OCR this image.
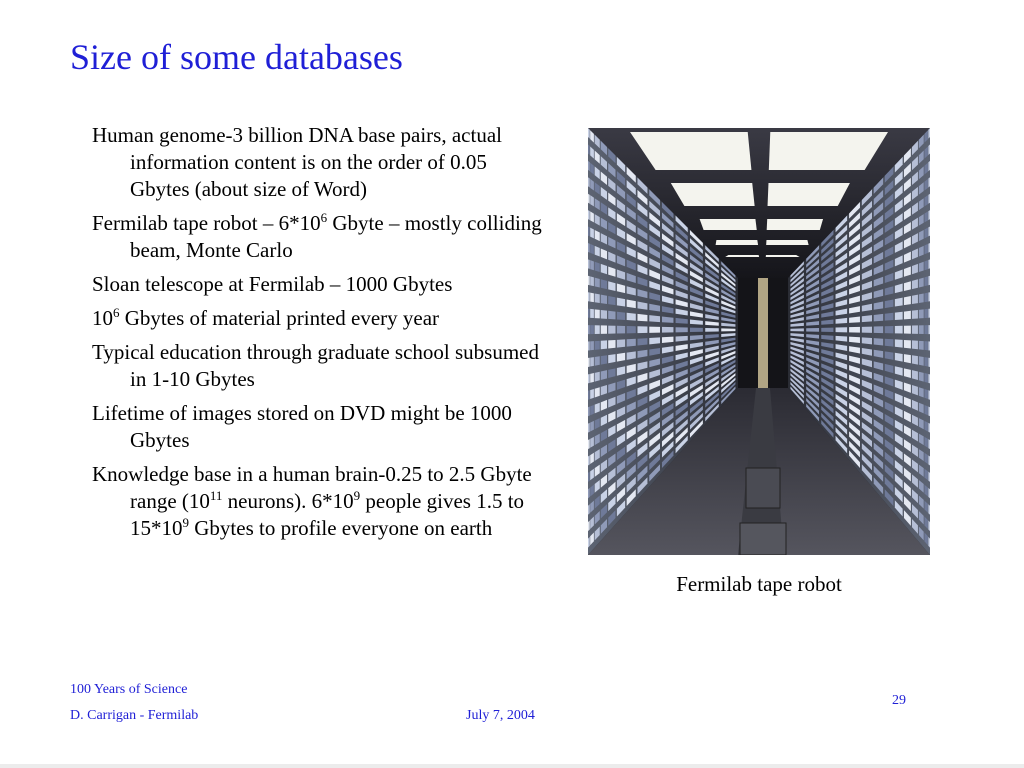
Size of some databases
Human genome-3 billion DNA base pairs, actual information content is on the order of 0.05 Gbytes (about size of Word)
Fermilab tape robot – $6*10^6$ Gbyte – mostly colliding beam, Monte Carlo
Sloan telescope at Fermilab – 1000 Gbytes
$10^6$ Gbytes of material printed every year
Typical education through graduate school subsumed in 1-10 Gbytes
Lifetime of images stored on DVD might be 1000 Gbytes
Knowledge base in a human brain-0.25 to 2.5 Gbyte range ($10^{11}$ neurons). $6*10^9$ people gives 1.5 to $15*10^9$ Gbytes to profile everyone on earth
Fermilab tape robot
100 Years of Science
D. Carrigan - Fermilab	July 7, 2004
29
